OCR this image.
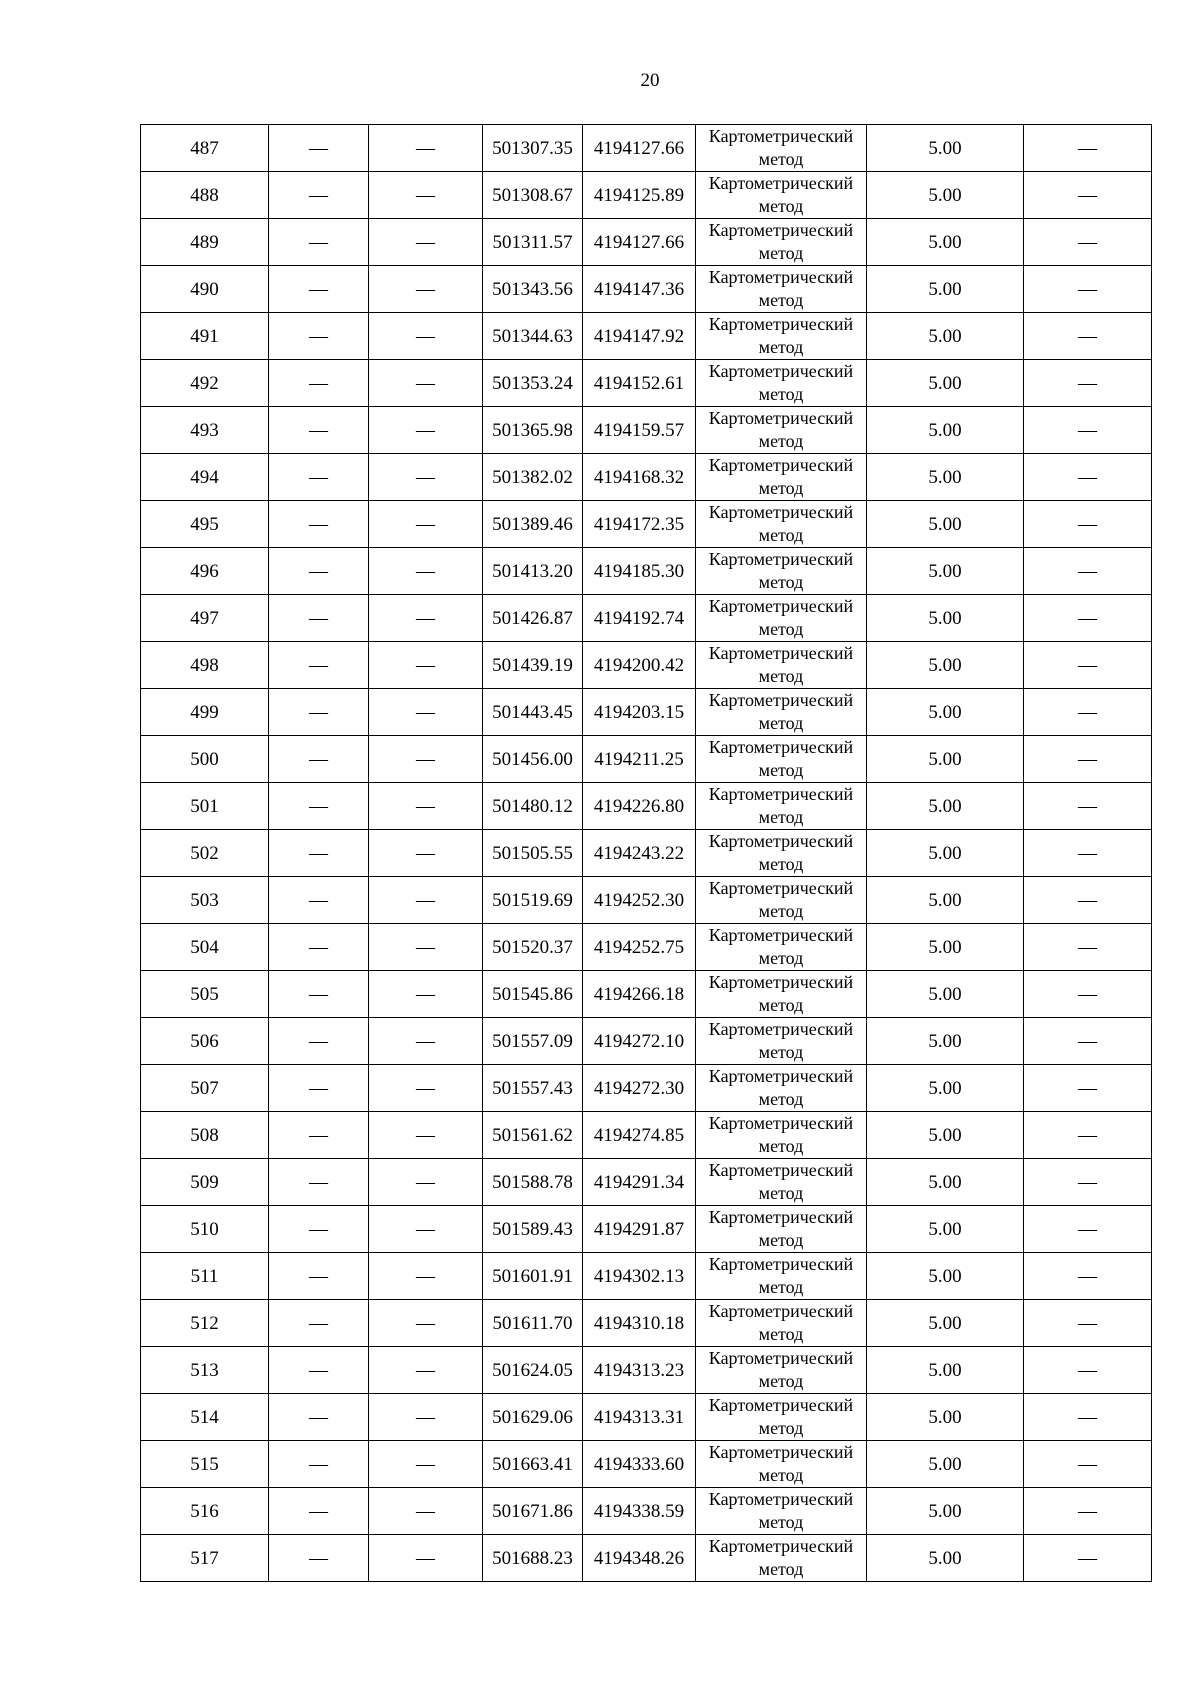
20
487	—	—	501307.35	4194127.66	Картометрический метод	5.00	—
488	—	—	501308.67	4194125.89	Картометрический метод	5.00	—
489	—	—	501311.57	4194127.66	Картометрический метод	5.00	—
490	—	—	501343.56	4194147.36	Картометрический метод	5.00	—
491	—	—	501344.63	4194147.92	Картометрический метод	5.00	—
492	—	—	501353.24	4194152.61	Картометрический метод	5.00	—
493	—	—	501365.98	4194159.57	Картометрический метод	5.00	—
494	—	—	501382.02	4194168.32	Картометрический метод	5.00	—
495	—	—	501389.46	4194172.35	Картометрический метод	5.00	—
496	—	—	501413.20	4194185.30	Картометрический метод	5.00	—
497	—	—	501426.87	4194192.74	Картометрический метод	5.00	—
498	—	—	501439.19	4194200.42	Картометрический метод	5.00	—
499	—	—	501443.45	4194203.15	Картометрический метод	5.00	—
500	—	—	501456.00	4194211.25	Картометрический метод	5.00	—
501	—	—	501480.12	4194226.80	Картометрический метод	5.00	—
502	—	—	501505.55	4194243.22	Картометрический метод	5.00	—
503	—	—	501519.69	4194252.30	Картометрический метод	5.00	—
504	—	—	501520.37	4194252.75	Картометрический метод	5.00	—
505	—	—	501545.86	4194266.18	Картометрический метод	5.00	—
506	—	—	501557.09	4194272.10	Картометрический метод	5.00	—
507	—	—	501557.43	4194272.30	Картометрический метод	5.00	—
508	—	—	501561.62	4194274.85	Картометрический метод	5.00	—
509	—	—	501588.78	4194291.34	Картометрический метод	5.00	—
510	—	—	501589.43	4194291.87	Картометрический метод	5.00	—
511	—	—	501601.91	4194302.13	Картометрический метод	5.00	—
512	—	—	501611.70	4194310.18	Картометрический метод	5.00	—
513	—	—	501624.05	4194313.23	Картометрический метод	5.00	—
514	—	—	501629.06	4194313.31	Картометрический метод	5.00	—
515	—	—	501663.41	4194333.60	Картометрический метод	5.00	—
516	—	—	501671.86	4194338.59	Картометрический метод	5.00	—
517	—	—	501688.23	4194348.26	Картометрический метод	5.00	—
